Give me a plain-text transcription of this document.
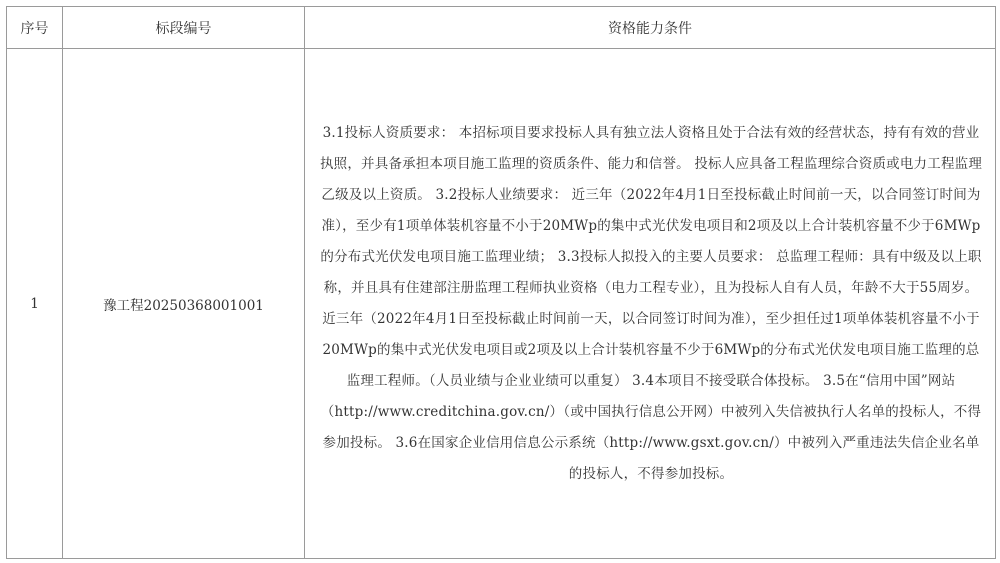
序号	标段编号	资格能力条件
1	豫工程20250368001001	3.1投标人资质要求： 本招标项目要求投标人具有独立法人资格且处于合法有效的经营状态，持有有效的营业执照，并具备承担本项目施工监理的资质条件、能力和信誉。 投标人应具备工程监理综合资质或电力工程监理乙级及以上资质。 3.2投标人业绩要求： 近三年（2022年4月1日至投标截止时间前一天，以合同签订时间为准），至少有1项单体装机容量不小于20MWp的集中式光伏发电项目和2项及以上合计装机容量不少于6MWp的分布式光伏发电项目施工监理业绩； 3.3投标人拟投入的主要人员要求： 总监理工程师：具有中级及以上职称，并且具有住建部注册监理工程师执业资格（电力工程专业），且为投标人自有人员，年龄不大于55周岁。近三年（2022年4月1日至投标截止时间前一天，以合同签订时间为准），至少担任过1项单体装机容量不小于20MWp的集中式光伏发电项目或2项及以上合计装机容量不少于6MWp的分布式光伏发电项目施工监理的总监理工程师。（人员业绩与企业业绩可以重复） 3.4本项目不接受联合体投标。 3.5在“信用中国”网站（http://www.creditchina.gov.cn/）（或中国执行信息公开网）中被列入失信被执行人名单的投标人，不得参加投标。 3.6在国家企业信用信息公示系统（http://www.gsxt.gov.cn/）中被列入严重违法失信企业名单的投标人，不得参加投标。
